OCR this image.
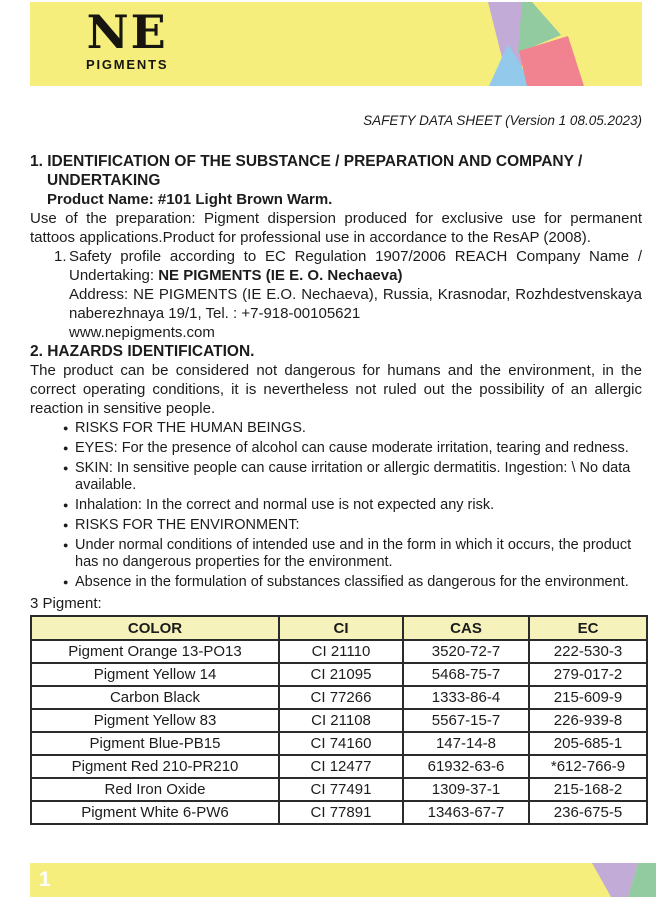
NE
PIGMENTS
SAFETY DATA SHEET (Version 1 08.05.2023)
1. IDENTIFICATION OF THE SUBSTANCE / PREPARATION AND COMPANY /
UNDERTAKING
Product Name: #101 Light Brown Warm.
Use of the preparation: Pigment dispersion produced for exclusive use for permanent tattoos applications.Product for professional use in accordance to the ResAP (2008).
1. Safety profile according to EC Regulation 1907/2006 REACH Company Name / Undertaking: NE PIGMENTS (IE E. O. Nechaeva)
Address: NE PIGMENTS (IE E.O. Nechaeva), Russia, Krasnodar, Rozhdestvenskaya naberezhnaya 19/1, Tel. : +7-918-00105621
www.nepigments.com
2. HAZARDS IDENTIFICATION.
The product can be considered not dangerous for humans and the environment, in the correct operating conditions, it is nevertheless not ruled out the possibility of an allergic reaction in sensitive people.
● RISKS FOR THE HUMAN BEINGS.
● EYES: For the presence of alcohol can cause moderate irritation, tearing and redness.
● SKIN: In sensitive people can cause irritation or allergic dermatitis. Ingestion: \ No data available.
● Inhalation: In the correct and normal use is not expected any risk.
● RISKS FOR THE ENVIRONMENT:
● Under normal conditions of intended use and in the form in which it occurs, the product has no dangerous properties for the environment.
● Absence in the formulation of substances classified as dangerous for the environment.
3 Pigment:
COLOR	CI	CAS	EC
Pigment Orange 13-PO13	CI 21110	3520-72-7	222-530-3
Pigment Yellow 14	CI 21095	5468-75-7	279-017-2
Carbon Black	CI 77266	1333-86-4	215-609-9
Pigment Yellow 83	CI 21108	5567-15-7	226-939-8
Pigment Blue-PB15	CI 74160	147-14-8	205-685-1
Pigment Red 210-PR210	CI 12477	61932-63-6	*612-766-9
Red Iron Oxide	CI 77491	1309-37-1	215-168-2
Pigment White 6-PW6	CI 77891	13463-67-7	236-675-5
1
